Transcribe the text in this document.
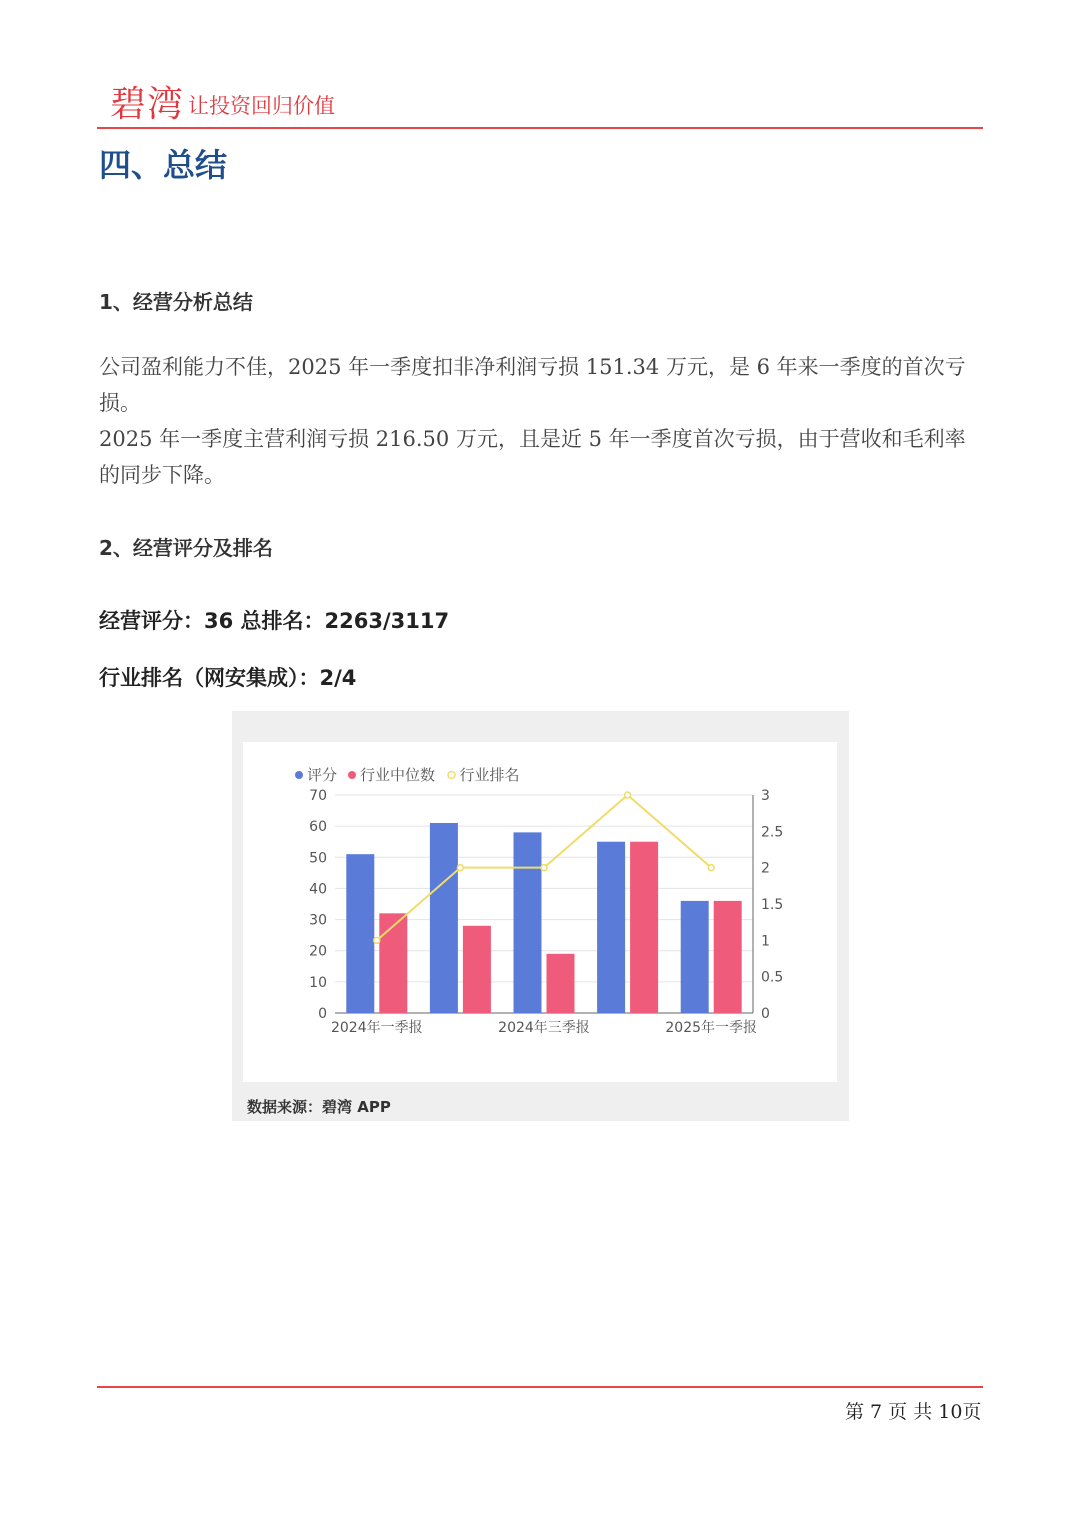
碧湾 让投资回归价值
四、总结
1、经营分析总结
公司盈利能力不佳，2025 年一季度扣非净利润亏损 151.34 万元，是 6 年来一季度的首次亏损。
2025 年一季度主营利润亏损 216.50 万元，且是近 5 年一季度首次亏损，由于营收和毛利率的同步下降。
2、经营评分及排名
经营评分：36 总排名：2263/3117
行业排名（网安集成）：2/4
0
10
20
30
40
50
60
70
0
0.5
1
1.5
2
2.5
3
2024年一季报	2024年三季报	2025年一季报
评分 行业中位数 行业排名
数据来源：碧湾 APP
第 7 页 共 10页
